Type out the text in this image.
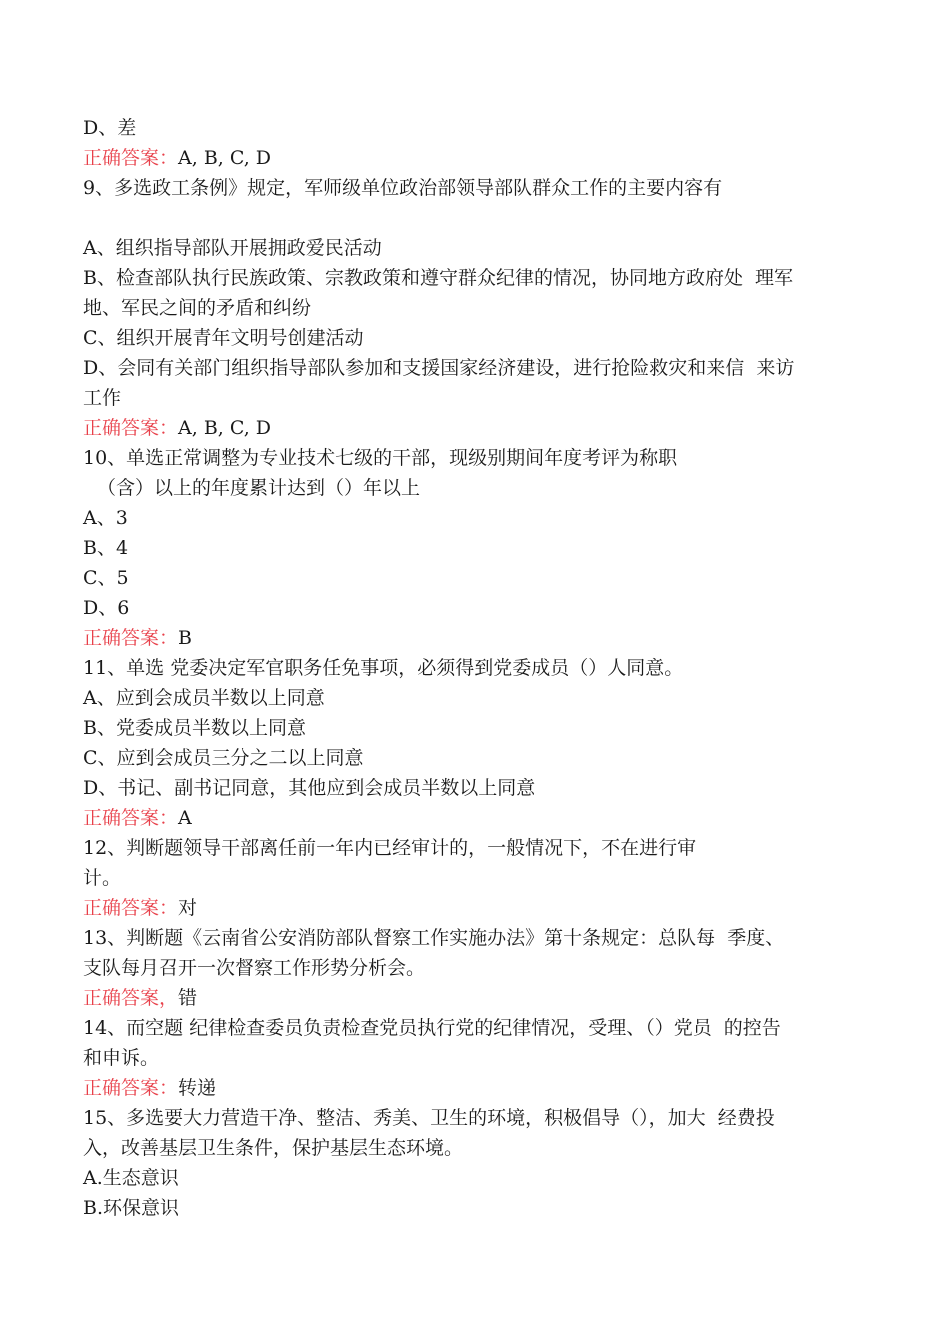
D、差
正确答案：A, B, C, D
9、多选政工条例》规定，军师级单位政治部领导部队群众工作的主要内容有
A、组织指导部队开展拥政爱民活动
B、检查部队执行民族政策、宗教政策和遵守群众纪律的情况，协同地方政府处  理军
地、军民之间的矛盾和纠纷
C、组织开展青年文明号创建活动
D、会同有关部门组织指导部队参加和支援国家经济建设，进行抢险救灾和来信  来访
工作
正确答案：A, B, C, D
10、单选正常调整为专业技术七级的干部，现级别期间年度考评为称职
（含）以上的年度累计达到（）年以上
A、3
B、4
C、5
D、6
正确答案：B
11、单选 党委决定军官职务任免事项，必须得到党委成员（）人同意。
A、应到会成员半数以上同意
B、党委成员半数以上同意
C、应到会成员三分之二以上同意
D、书记、副书记同意，其他应到会成员半数以上同意
正确答案：A
12、判断题领导干部离任前一年内已经审计的，一般情况下，不在进行审
计。
正确答案：对
13、判断题《云南省公安消防部队督察工作实施办法》第十条规定：总队每  季度、
支队每月召开一次督察工作形势分析会。
正确答案，错
14、而空题 纪律检查委员负责检查党员执行党的纪律情况，受理、（）党员  的控告
和申诉。
正确答案：转递
15、多选要大力营造干净、整洁、秀美、卫生的环境，积极倡导（），加大  经费投
入，改善基层卫生条件，保护基层生态环境。
A.生态意识
B.环保意识
